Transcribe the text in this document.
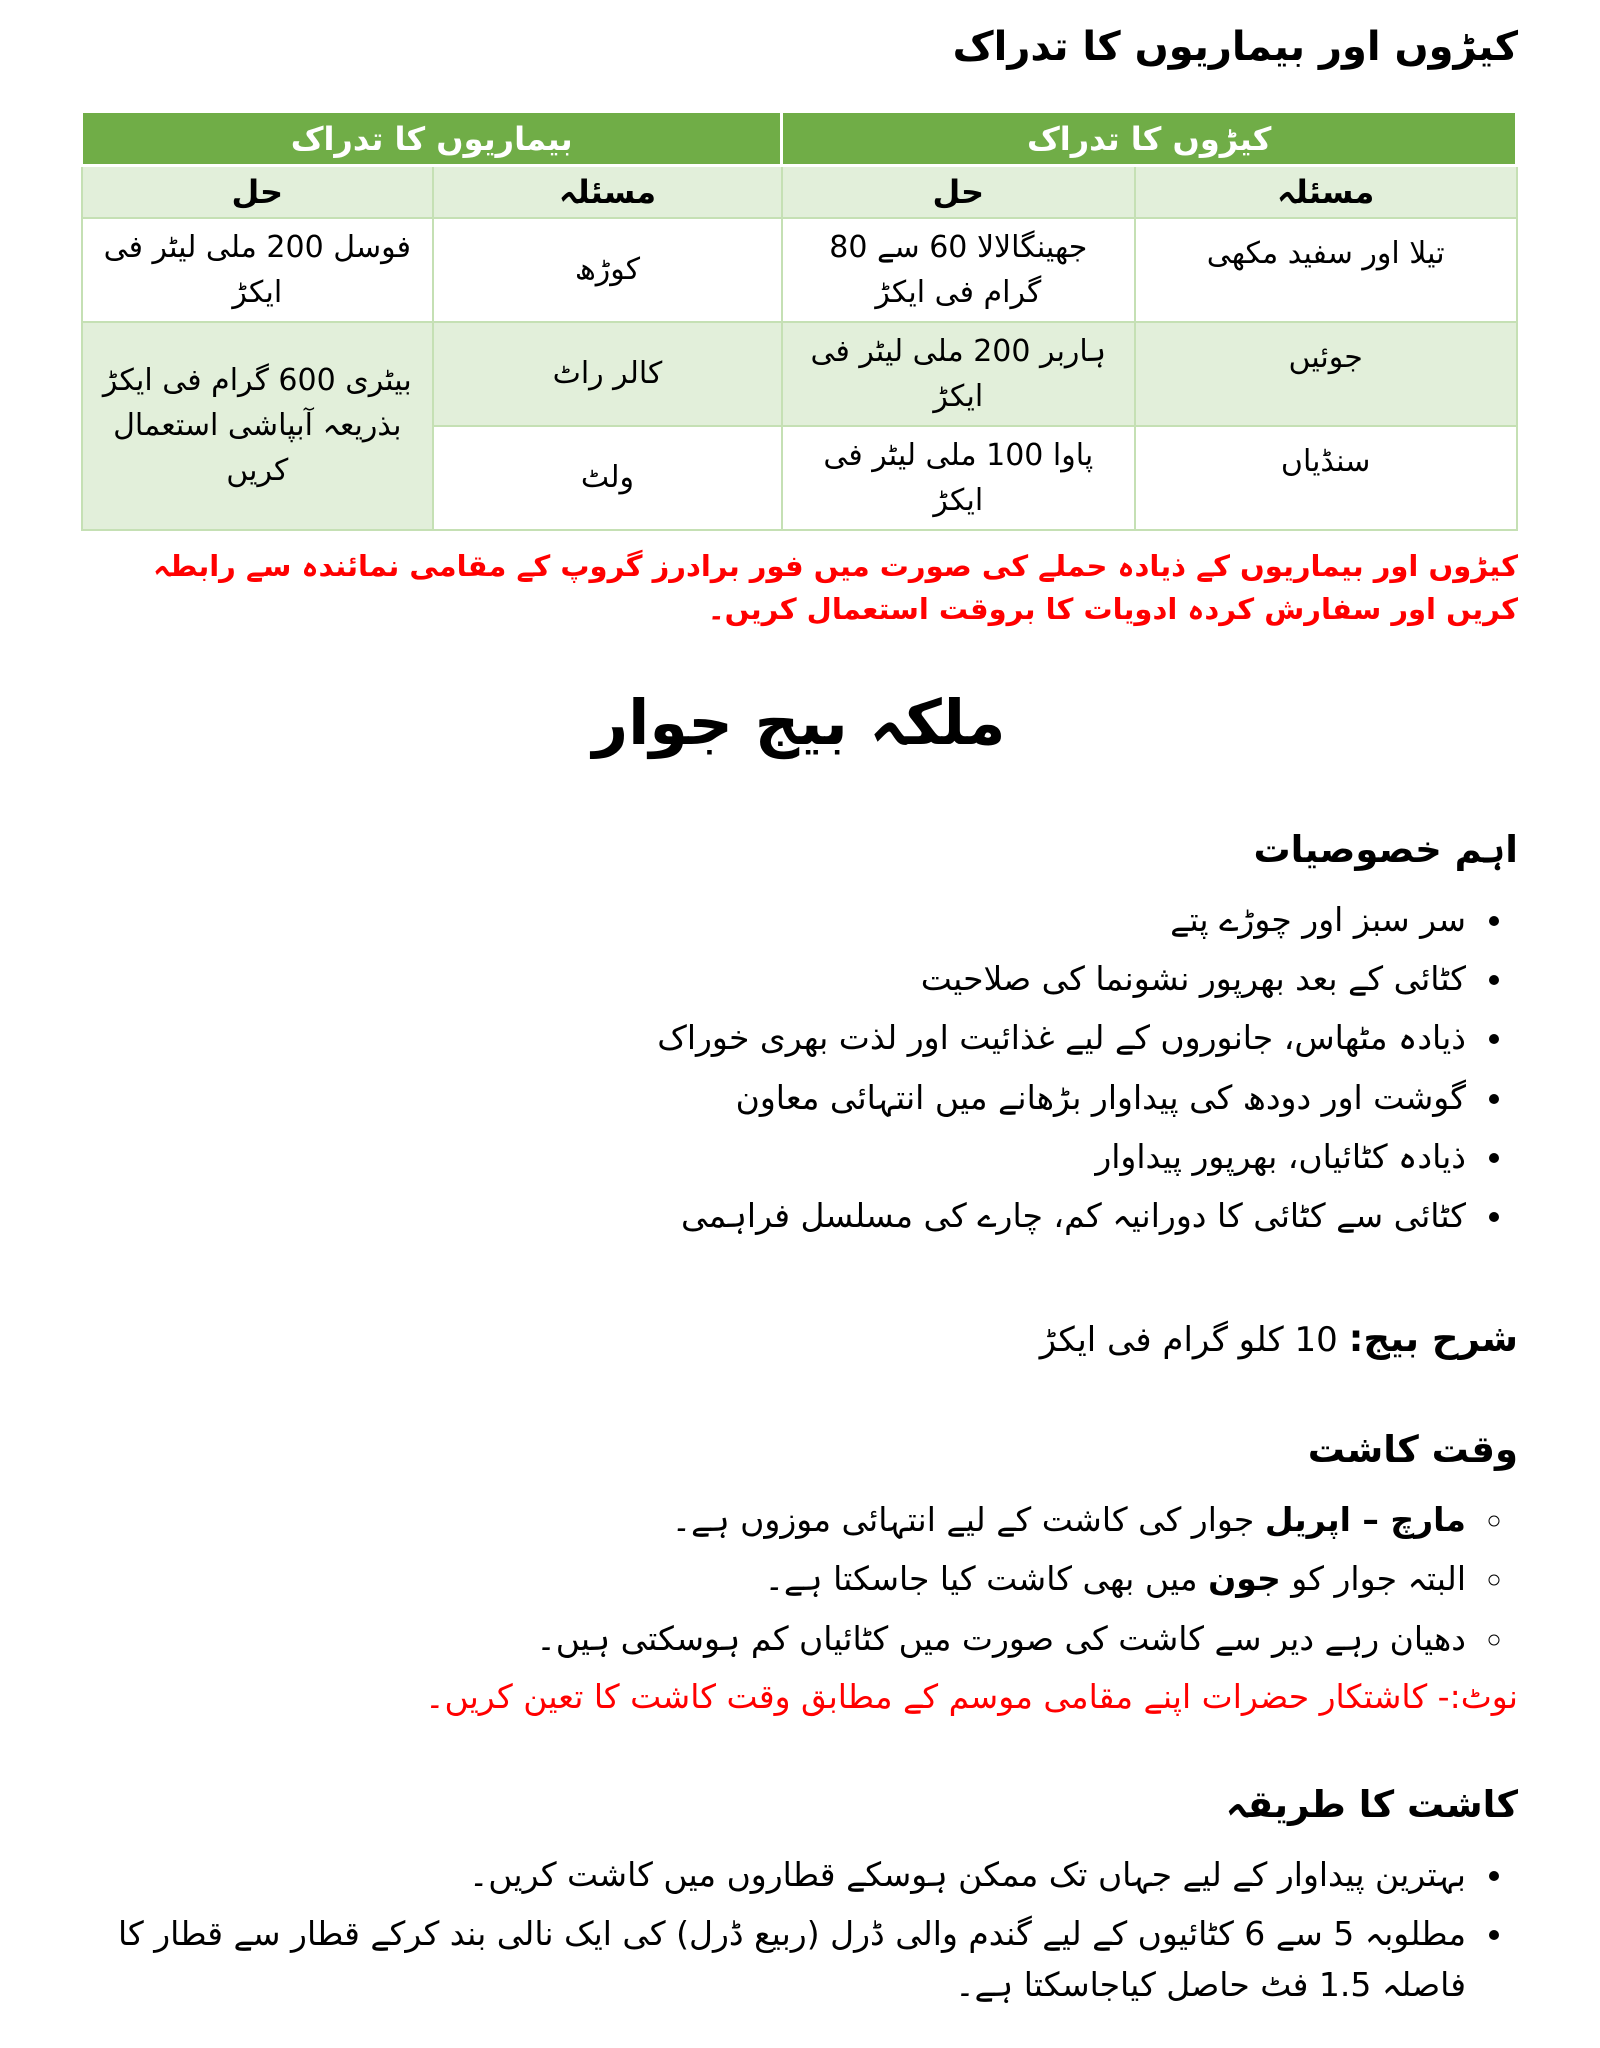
کیڑوں اور بیماریوں کا تدراک
کیڑوں کا تدراک		بیماریوں کا تدراک	
مسئلہ	حل	مسئلہ	حل
تیلا اور سفید مکھی	جھینگالالا 60 سے 80 گرام فی ایکڑ	کوڑھ	فوسل 200 ملی لیٹر فی ایکڑ
جوئیں	ہاربر 200 ملی لیٹر فی ایکڑ	کالر راٹ	بیٹری 600 گرام فی ایکڑ بذریعہ آبپاشی استعمال کریں
سنڈیاں	پاوا 100 ملی لیٹر فی ایکڑ	ولٹ	

کیڑوں اور بیماریوں کے ذیادہ حملے کی صورت میں فور برادرز گروپ کے مقامی نمائندہ سے رابطہ کریں اور سفارش کردہ ادویات کا بروقت استعمال کریں۔

ملکہ بیج جوار
اہم خصوصیات
• سر سبز اور چوڑے پتے
• کٹائی کے بعد بھرپور نشونما کی صلاحیت
• ذیادہ مٹھاس، جانوروں کے لیے غذائیت اور لذت بھری خوراک
• گوشت اور دودھ کی پیداوار بڑھانے میں انتہائی معاون
• ذیادہ کٹائیاں، بھرپور پیداوار
• کٹائی سے کٹائی کا دورانیہ کم، چارے کی مسلسل فراہمی

شرح بیج: 10 کلو گرام فی ایکڑ

وقت کاشت
◦ مارچ – اپریل جوار کی کاشت کے لیے انتہائی موزوں ہے۔
◦ البتہ جوار کو جون میں بھی کاشت کیا جاسکتا ہے۔
◦ دھیان رہے دیر سے کاشت کی صورت میں کٹائیاں کم ہوسکتی ہیں۔

نوٹ:- کاشتکار حضرات اپنے مقامی موسم کے مطابق وقت کاشت کا تعین کریں۔

کاشت کا طریقہ
• بہترین پیداوار کے لیے جہاں تک ممکن ہوسکے قطاروں میں کاشت کریں۔
• مطلوبہ 5 سے 6 کٹائیوں کے لیے گندم والی ڈرل (ربیع ڈرل) کی ایک نالی بند کرکے قطار سے قطار کا فاصلہ 1.5 فٹ حاصل کیاجاسکتا ہے۔
